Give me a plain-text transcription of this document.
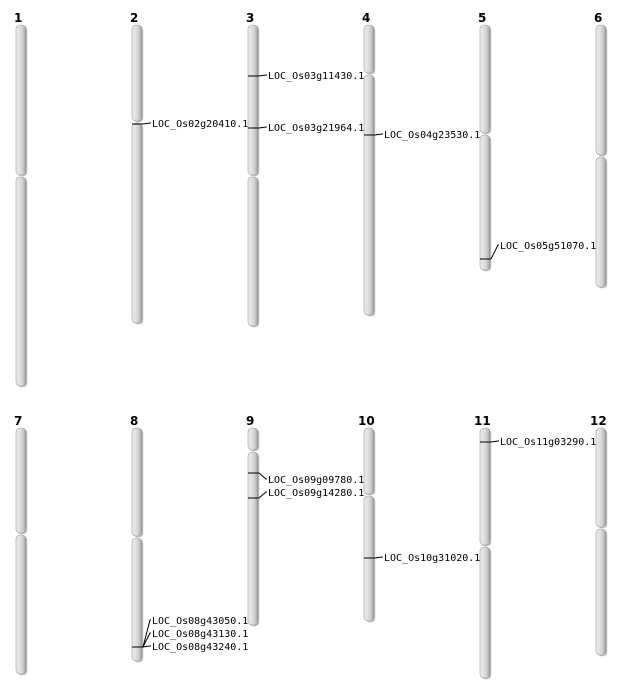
1	2	3	4	5	6
7	8	9	10	11	12
LOC_Os02g20410.1
LOC_Os03g11430.1
LOC_Os03g21964.1
LOC_Os04g23530.1
LOC_Os05g51070.1
LOC_Os08g43050.1
LOC_Os08g43130.1
LOC_Os08g43240.1
LOC_Os09g09780.1
LOC_Os09g14280.1
LOC_Os10g31020.1
LOC_Os11g03290.1
